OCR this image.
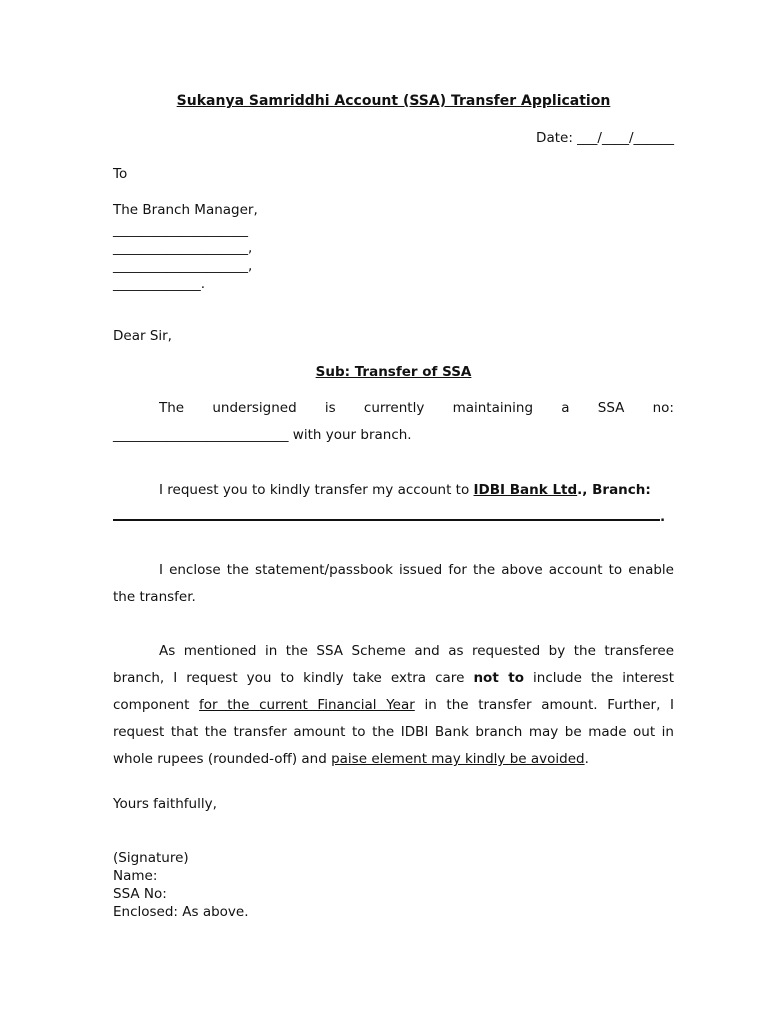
Sukanya Samriddhi Account (SSA) Transfer Application
Date: ___/____/______
To
The Branch Manager,
____________________
____________________,
____________________,
_____________.
Dear Sir,
Sub: Transfer of SSA
The undersigned is currently maintaining a SSA no:
__________________________ with your branch.
I request you to kindly transfer my account to IDBI Bank Ltd., Branch:
.
I enclose the statement/passbook issued for the above account to enable
the transfer.
As mentioned in the SSA Scheme and as requested by the transferee
branch, I request you to kindly take extra care not to include the interest
component for the current Financial Year in the transfer amount. Further, I
request that the transfer amount to the IDBI Bank branch may be made out in
whole rupees (rounded-off) and paise element may kindly be avoided.
Yours faithfully,
(Signature)
Name:
SSA No:
Enclosed: As above.
